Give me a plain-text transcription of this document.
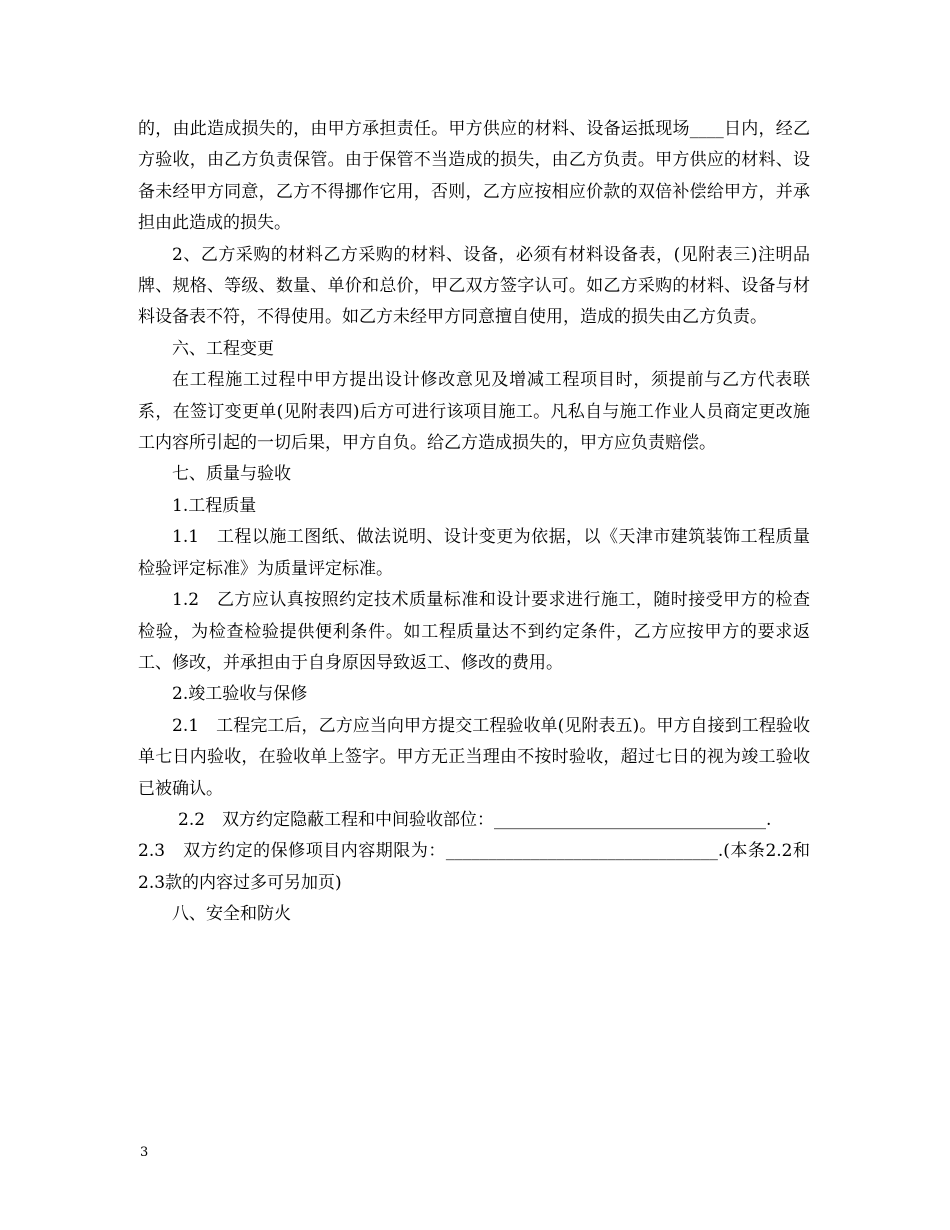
的，由此造成损失的，由甲方承担责任。甲方供应的材料、设备运抵现场____日内，经乙方验收，由乙方负责保管。由于保管不当造成的损失，由乙方负责。甲方供应的材料、设备未经甲方同意，乙方不得挪作它用，否则，乙方应按相应价款的双倍补偿给甲方，并承担由此造成的损失。

2、乙方采购的材料乙方采购的材料、设备，必须有材料设备表，(见附表三)注明品牌、规格、等级、数量、单价和总价，甲乙双方签字认可。如乙方采购的材料、设备与材料设备表不符，不得使用。如乙方未经甲方同意擅自使用，造成的损失由乙方负责。

六、工程变更

在工程施工过程中甲方提出设计修改意见及增减工程项目时，须提前与乙方代表联系，在签订变更单(见附表四)后方可进行该项目施工。凡私自与施工作业人员商定更改施工内容所引起的一切后果，甲方自负。给乙方造成损失的，甲方应负责赔偿。

七、质量与验收

1.工程质量

1.1　工程以施工图纸、做法说明、设计变更为依据，以《天津市建筑装饰工程质量检验评定标准》为质量评定标准。

1.2　乙方应认真按照约定技术质量标准和设计要求进行施工，随时接受甲方的检查检验，为检查检验提供便利条件。如工程质量达不到约定条件，乙方应按甲方的要求返工、修改，并承担由于自身原因导致返工、修改的费用。

2.竣工验收与保修

2.1　工程完工后，乙方应当向甲方提交工程验收单(见附表五)。甲方自接到工程验收单七日内验收，在验收单上签字。甲方无正当理由不按时验收，超过七日的视为竣工验收已被确认。

2.2　双方约定隐蔽工程和中间验收部位：________________________________.

2.3　双方约定的保修项目内容期限为：________________________________.(本条2.2和2.3款的内容过多可另加页)

八、安全和防火

3
